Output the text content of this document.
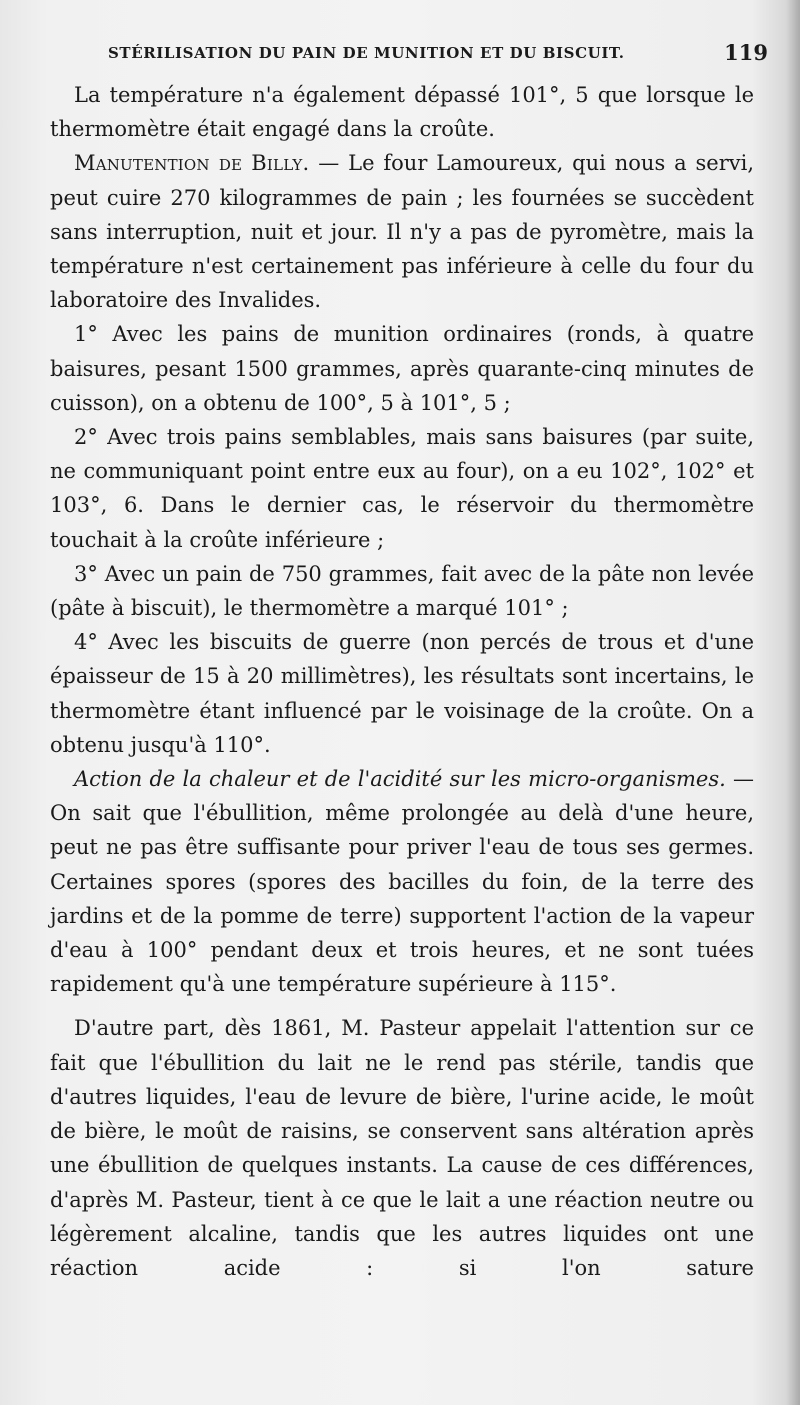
STÉRILISATION DU PAIN DE MUNITION ET DU BISCUIT.	119

La température n'a également dépassé 101°, 5 que lorsque le thermomètre était engagé dans la croûte.

Manutention de Billy. — Le four Lamoureux, qui nous a servi, peut cuire 270 kilogrammes de pain ; les fournées se succèdent sans interruption, nuit et jour. Il n'y a pas de pyromètre, mais la température n'est certainement pas inférieure à celle du four du laboratoire des Invalides.

1° Avec les pains de munition ordinaires (ronds, à quatre baisures, pesant 1500 grammes, après quarante-cinq minutes de cuisson), on a obtenu de 100°, 5 à 101°, 5 ;

2° Avec trois pains semblables, mais sans baisures (par suite, ne communiquant point entre eux au four), on a eu 102°, 102° et 103°, 6. Dans le dernier cas, le réservoir du thermomètre touchait à la croûte inférieure ;

3° Avec un pain de 750 grammes, fait avec de la pâte non levée (pâte à biscuit), le thermomètre a marqué 101° ;

4° Avec les biscuits de guerre (non percés de trous et d'une épaisseur de 15 à 20 millimètres), les résultats sont incertains, le thermomètre étant influencé par le voisinage de la croûte. On a obtenu jusqu'à 110°.

Action de la chaleur et de l'acidité sur les micro-organismes. — On sait que l'ébullition, même prolongée au delà d'une heure, peut ne pas être suffisante pour priver l'eau de tous ses germes. Certaines spores (spores des bacilles du foin, de la terre des jardins et de la pomme de terre) supportent l'action de la vapeur d'eau à 100° pendant deux et trois heures, et ne sont tuées rapidement qu'à une température supérieure à 115°.

D'autre part, dès 1861, M. Pasteur appelait l'attention sur ce fait que l'ébullition du lait ne le rend pas stérile, tandis que d'autres liquides, l'eau de levure de bière, l'urine acide, le moût de bière, le moût de raisins, se conservent sans altération après une ébullition de quelques instants. La cause de ces différences, d'après M. Pasteur, tient à ce que le lait a une réaction neutre ou légèrement alcaline, tandis que les autres liquides ont une réaction acide : si l'on sature
